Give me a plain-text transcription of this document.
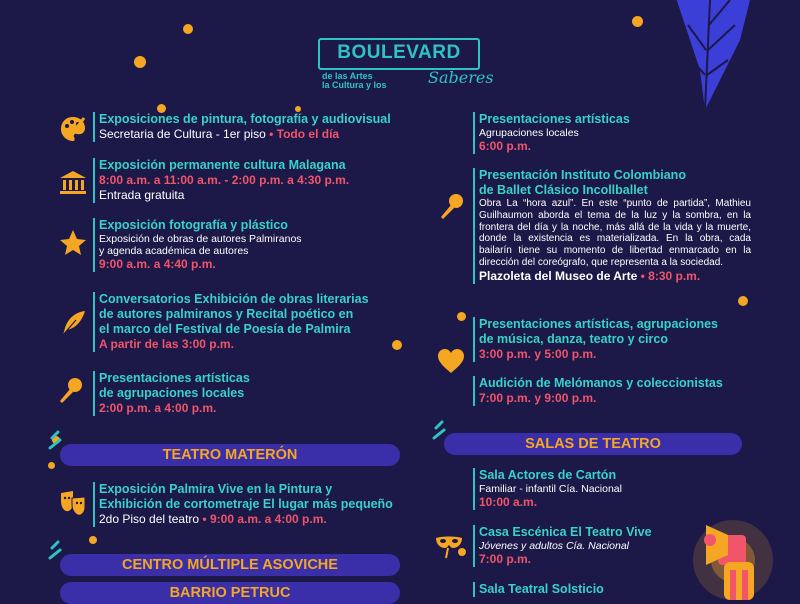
BOULEVARD
de las Artes
la Cultura y los	Saberes
Exposiciones de pintura, fotografía y audiovisual
Secretaria de Cultura - 1er piso • Todo el día
Exposición permanente cultura Malagana
8:00 a.m. a 11:00 a.m. - 2:00 p.m. a 4:30 p.m.
Entrada gratuita
Exposición fotografía y plástico
Exposición de obras de autores Palmiranos
y agenda académica de autores
9:00 a.m. a 4:40 p.m.
Conversatorios Exhibición de obras literarias
de autores palmiranos y Recital poético en
el marco del Festival de Poesía de Palmira
A partir de las 3:00 p.m.
Presentaciones artísticas
de agrupaciones locales
2:00 p.m. a 4:00 p.m.
TEATRO MATERÓN
Exposición Palmira Vive en la Pintura y
Exhibición de cortometraje El lugar más pequeño
2do Piso del teatro • 9:00 a.m. a 4:00 p.m.
CENTRO MÚLTIPLE ASOVICHE
BARRIO PETRUC
Presentaciones artísticas
Agrupaciones locales
6:00 p.m.
Presentación Instituto Colombiano
de Ballet Clásico Incollballet
Obra La “hora azul”. En este “punto de partida”, Mathieu Guilhaumon aborda el tema de la luz y la sombra, en la frontera del día y la noche, más allá de la vida y la muerte, donde la existencia es materializada. En la obra, cada bailarín tiene su momento de libertad enmarcado en la dirección del coreógrafo, que representa a la sociedad.
Plazoleta del Museo de Arte • 8:30 p.m.
Presentaciones artísticas, agrupaciones
de música, danza, teatro y circo
3:00 p.m. y 5:00 p.m.
Audición de Melómanos y coleccionistas
7:00 p.m. y 9:00 p.m.
SALAS DE TEATRO
Sala Actores de Cartón
Familiar - infantil Cía. Nacional
10:00 a.m.
Casa Escénica El Teatro Vive
Jóvenes y adultos Cía. Nacional
7:00 p.m.
Sala Teatral Solsticio
